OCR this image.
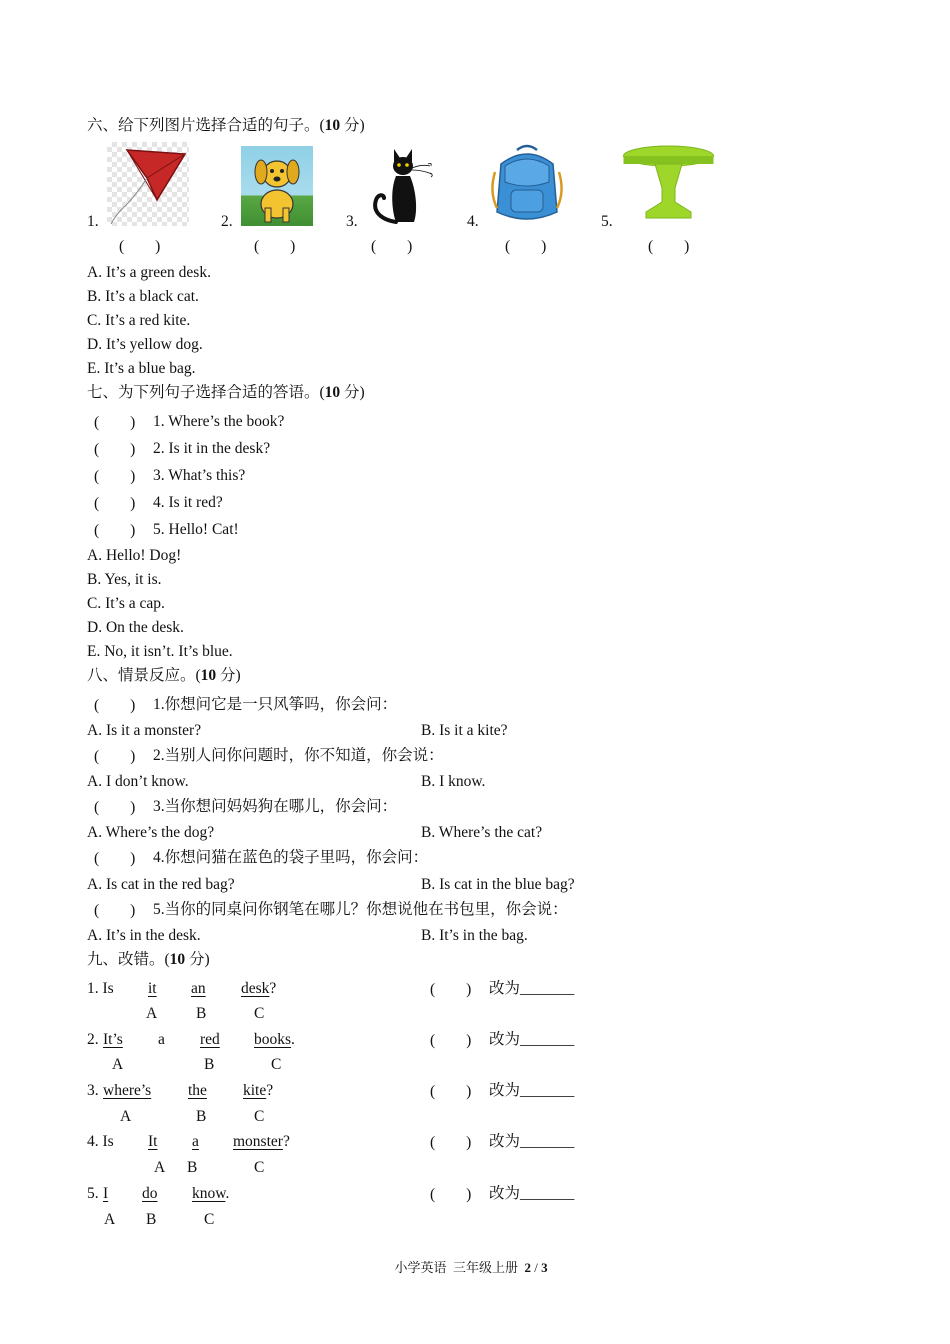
六、给下列图片选择合适的句子。(10 分)
1.	2.	3.	4.	5.
(        )	(        )	(        )	(        )	(        )
A. It’s a green desk.
B. It’s a black cat.
C. It’s a red kite.
D. It’s yellow dog.
E. It’s a blue bag.
七、为下列句子选择合适的答语。(10 分)
(        ) 1. Where’s the book?
(        ) 2. Is it in the desk?
(        ) 3. What’s this?
(        ) 4. Is it red?
(        ) 5. Hello! Cat!
A. Hello! Dog!
B. Yes, it is.
C. It’s a cap.
D. On the desk.
E. No, it isn’t. It’s blue.
八、情景反应。(10 分)
(        ) 1.你想问它是一只风筝吗，你会问：
A. Is it a monster?	B. Is it a kite?
(        ) 2.当别人问你问题时，你不知道，你会说：
A. I don’t know.	B. I know.
(        ) 3.当你想问妈妈狗在哪儿，你会问：
A. Where’s the dog?	B. Where’s the cat?
(        ) 4.你想问猫在蓝色的袋子里吗，你会问：
A. Is cat in the red bag?	B. Is cat in the blue bag?
(        ) 5.当你的同桌问你钢笔在哪儿？你想说他在书包里，你会说：
A. It’s in the desk.	B. It’s in the bag.
九、改错。(10 分)
1. Is it an desk?
A	B	C
(        ) 改为_______
2. It’s a red books.
A	B	C
(        ) 改为_______
3. where’s the kite?
A	B	C
(        ) 改为_______
4. Is It a monster?
A B	C
(        ) 改为_______
5. I do know.
A B	C
(        ) 改为_______

小学英语  三年级上册  2 / 3
